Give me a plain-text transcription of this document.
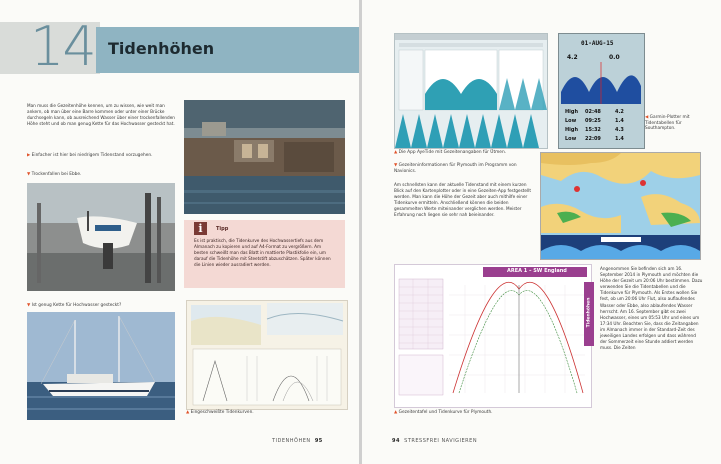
14 Tidenhöhen
Man muss die Gezeitenhöhe kennen, um zu wissen, wie weit man ankern, ob man über eine Barre kommen oder unter einer Brücke durchsegeln kann, ob ausreichend Wasser über einer trockenfallenden Höhe steht und ob man genug Kette für das Hochwasser gesteckt hat.
▶ Einfacher ist hier bei niedrigem Tidenstand vorzugehen.
▼ Trockenfallen bei Ebbe.
i	Tipp
Es ist praktisch, die Tidenkurve des Hochwassertiefs aus dem Almanach zu kopieren und auf A4-Format zu vergrößern. Am besten schweißt man das Blatt in mattierte Plastikfolie ein, um darauf die Tidenhöhe mit Steetstift abzuschätzen. Später können die Linien wieder ausradiert werden.
▲ Eingeschweißte Tidenkurven.
▼ Ist genug Kette für Hochwasser gesteckt?
TIDENHÖHEN 95
▲ Die App AyeTide mit Gezeitenangaben für Ütmen.
01-AUG-15
4.2	0.0
High	02:48	4.2
Low	09:25	1.4
High	15:32	4.3
Low	22:09	1.4
◀ Garmin-Plotter mit Tidentabellen für Southampton.
▼ Gezeiteninformationen für Plymouth im Programm von Navionics.
Am schnellsten kann der aktuelle Tidenstand mit einem kurzen Blick auf den Kartenplotter oder in eine Gezeiten-App festgestellt werden. Man kann die Höhe der Gezeit aber auch mithilfe einer Tidenkurve ermitteln. Anschließend können die beiden gesammelten Werte miteinander verglichen werden. Meister Erfahrung noch liegen sie sehr nah beieinander.
AREA 1 – SW England
Tidenhöhen
▲ Gezeitentafel und Tidenkurve für Plymouth.
Angenommen Sie befinden sich am 16. September 2014 in Plymouth und möchten die Höhe der Gezeit um 20:06 Uhr bestimmen. Dazu verwenden Sie die Tidentabellen und die Tidenkurve für Plymouth. Als Erstes wollen Sie fest, ob um 20:06 Uhr Flut, also auflaufendes Wasser oder Ebbe, also ablaufendes Wasser herrscht. Am 16. September gibt es zwei Hochwasser, eines um 05:53 Uhr und eines um 17:34 Uhr. Beachten Sie, dass die Zeitangaben im Almanach immer in der Standard-Zeit des jeweiligen Landes erfolgen und dass während der Sommerzeit eine Stunde addiert werden muss. Die Zeiten
94 STRESSFREI NAVIGIEREN
